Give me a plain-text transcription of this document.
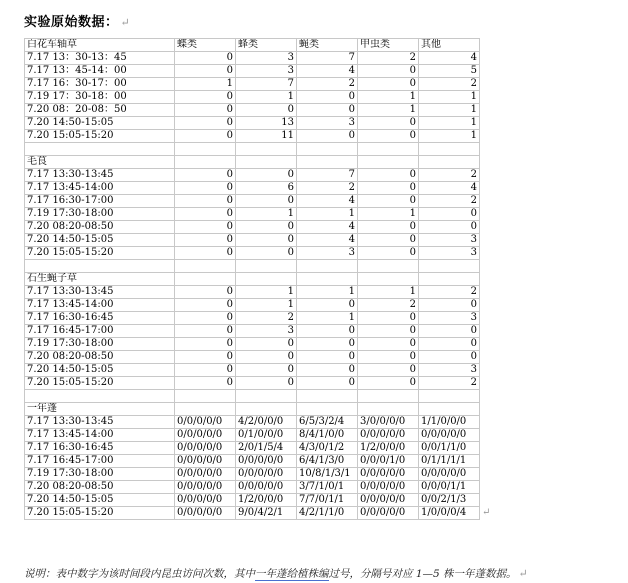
实验原始数据： ↵
白花车轴草	蝶类	蜂类	蝇类	甲虫类	其他
7.17 13：30-13：45	0	3	7	2	4
7.17 13：45-14：00	0	3	4	0	5
7.17 16：30-17：00	1	7	2	0	2
7.19 17：30-18：00	0	1	0	1	1
7.20 08：20-08：50	0	0	0	1	1
7.20 14:50-15:05	0	13	3	0	1
7.20 15:05-15:20	0	11	0	0	1

毛茛					
7.17 13:30-13:45	0	0	7	0	2
7.17 13:45-14:00	0	6	2	0	4
7.17 16:30-17:00	0	0	4	0	2
7.19 17:30-18:00	0	1	1	1	0
7.20 08:20-08:50	0	0	4	0	0
7.20 14:50-15:05	0	0	4	0	3
7.20 15:05-15:20	0	0	3	0	3

石生蝇子草					
7.17 13:30-13:45	0	1	1	1	2
7.17 13:45-14:00	0	1	0	2	0
7.17 16:30-16:45	0	2	1	0	3
7.17 16:45-17:00	0	3	0	0	0
7.19 17:30-18:00	0	0	0	0	0
7.20 08:20-08:50	0	0	0	0	0
7.20 14:50-15:05	0	0	0	0	3
7.20 15:05-15:20	0	0	0	0	2

一年蓬					
7.17 13:30-13:45	0/0/0/0/0	4/2/0/0/0	6/5/3/2/4	3/0/0/0/0	1/1/0/0/0
7.17 13:45-14:00	0/0/0/0/0	0/1/0/0/0	8/4/1/0/0	0/0/0/0/0	0/0/0/0/0
7.17 16:30-16:45	0/0/0/0/0	2/0/1/5/4	4/3/0/1/2	1/2/0/0/0	0/0/1/1/0
7.17 16:45-17:00	0/0/0/0/0	0/0/0/0/0	6/4/1/3/0	0/0/0/1/0	0/1/1/1/1
7.19 17:30-18:00	0/0/0/0/0	0/0/0/0/0	10/8/1/3/1	0/0/0/0/0	0/0/0/0/0
7.20 08:20-08:50	0/0/0/0/0	0/0/0/0/0	3/7/1/0/1	0/0/0/0/0	0/0/0/1/1
7.20 14:50-15:05	0/0/0/0/0	1/2/0/0/0	7/7/0/1/1	0/0/0/0/0	0/0/2/1/3
7.20 15:05-15:20	0/0/0/0/0	9/0/4/2/1	4/2/1/1/0	0/0/0/0/0	1/0/0/0/4 ↵
说明：表中数字为该时间段内昆虫访问次数，其中一年蓬给植株编过号，分隔号对应 1—5 株一年蓬数据。 ↵
